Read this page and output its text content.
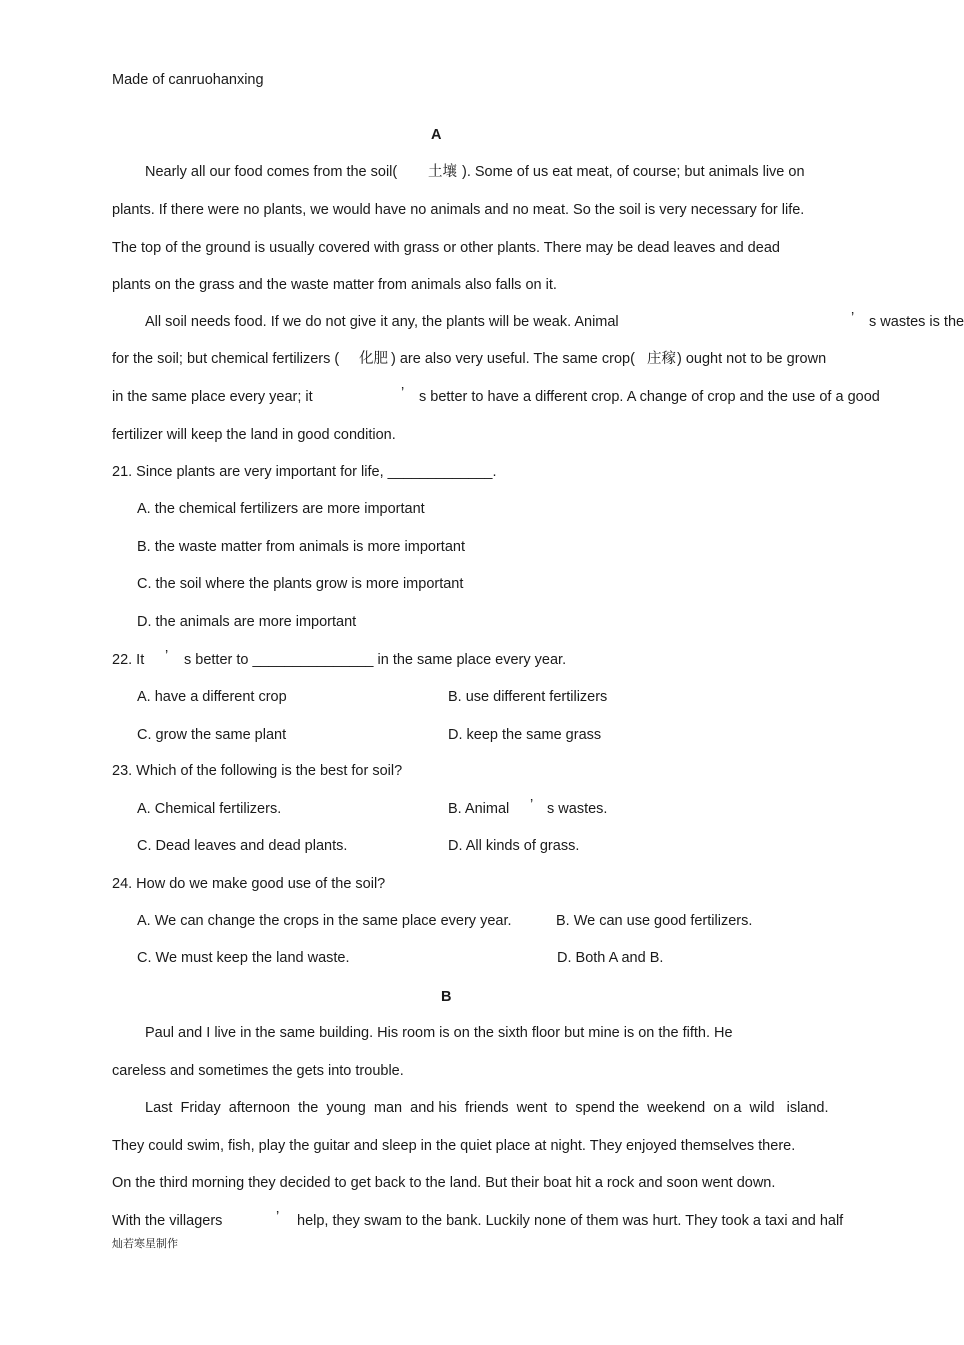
Made of canruohanxing
A
Nearly all our food comes from the soil( 土壤 ). Some of us eat meat, of course; but animals live on
plants. If there were no plants, we would have no animals and no meat. So the soil is very necessary for life.
The top of the ground is usually covered with grass or other plants. There may be dead leaves and dead
plants on the grass and the waste matter from animals also falls on it.
All soil needs food. If we do not give it any, the plants will be weak. Animal	’ s wastes is the
for the soil; but chemical fertilizers ( 化肥 ) are also very useful. The same crop( 庄稼 ) ought not to be grown
in the same place every year; it	’ s better to have a different crop. A change of crop and the use of a good
fertilizer will keep the land in good condition.
21. Since plants are very important for life, _____________.
A. the chemical fertilizers are more important
B. the waste matter from animals is more important
C. the soil where the plants grow is more important
D. the animals are more important
22. It ’ s better to _______________ in the same place every year.
A. have a different crop	B. use different fertilizers
C. grow the same plant	D. keep the same grass
23. Which of the following is the best for soil?
A. Chemical fertilizers.	B. Animal ’ s wastes.
C. Dead leaves and dead plants.	D. All kinds of grass.
24. How do we make good use of the soil?
A. We can change the crops in the same place every year.	B. We can use good fertilizers.
C. We must keep the land waste.	D. Both A and B.
B
Paul and I live in the same building. His room is on the sixth floor but mine is on the fifth. He
careless and sometimes the gets into trouble.
Last  Friday  afternoon  the  young  man  and his  friends  went  to  spend the  weekend  on a  wild   island.
They could swim, fish, play the guitar and sleep in the quiet place at night. They enjoyed themselves there.
On the third morning they decided to get back to the land. But their boat hit a rock and soon went down.
With the villagers	’ help, they swam to the bank. Luckily none of them was hurt. They took a taxi and half
灿若寒星制作
